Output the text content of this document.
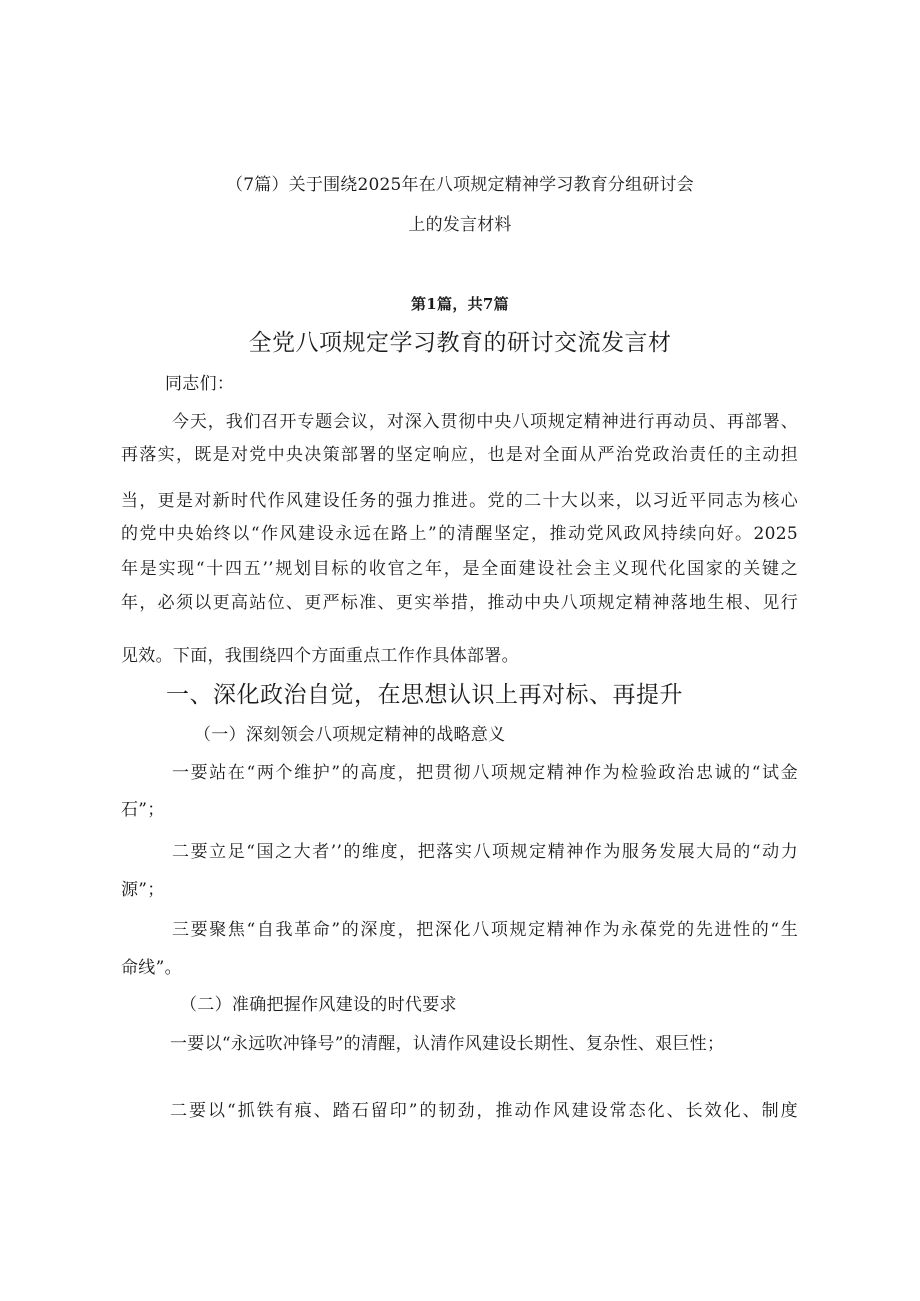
（7篇）关于围绕2025年在八项规定精神学习教育分组研讨会
上的发言材料
第1篇，共7篇
全党八项规定学习教育的研讨交流发言材
同志们：
今天，我们召开专题会议，对深入贯彻中央八项规定精神进行再动员、再部署、
再落实，既是对党中央决策部署的坚定响应，也是对全面从严治党政治责任的主动担
当，更是对新时代作风建设任务的强力推进。党的二十大以来，以习近平同志为核心
的党中央始终以“作风建设永远在路上”的清醒坚定，推动党风政风持续向好。2025
年是实现“十四五’’规划目标的收官之年，是全面建设社会主义现代化国家的关键之
年，必须以更高站位、更严标准、更实举措，推动中央八项规定精神落地生根、见行
见效。下面，我围绕四个方面重点工作作具体部署。
一、深化政治自觉，在思想认识上再对标、再提升
（一）深刻领会八项规定精神的战略意义
一要站在“两个维护”的高度，把贯彻八项规定精神作为检验政治忠诚的“试金
石”；
二要立足“国之大者’’的维度，把落实八项规定精神作为服务发展大局的“动力
源”；
三要聚焦“自我革命”的深度，把深化八项规定精神作为永葆党的先进性的“生
命线”。
（二）准确把握作风建设的时代要求
一要以“永远吹冲锋号”的清醒，认清作风建设长期性、复杂性、艰巨性；
二要以“抓铁有痕、踏石留印”的韧劲，推动作风建设常态化、长效化、制度
